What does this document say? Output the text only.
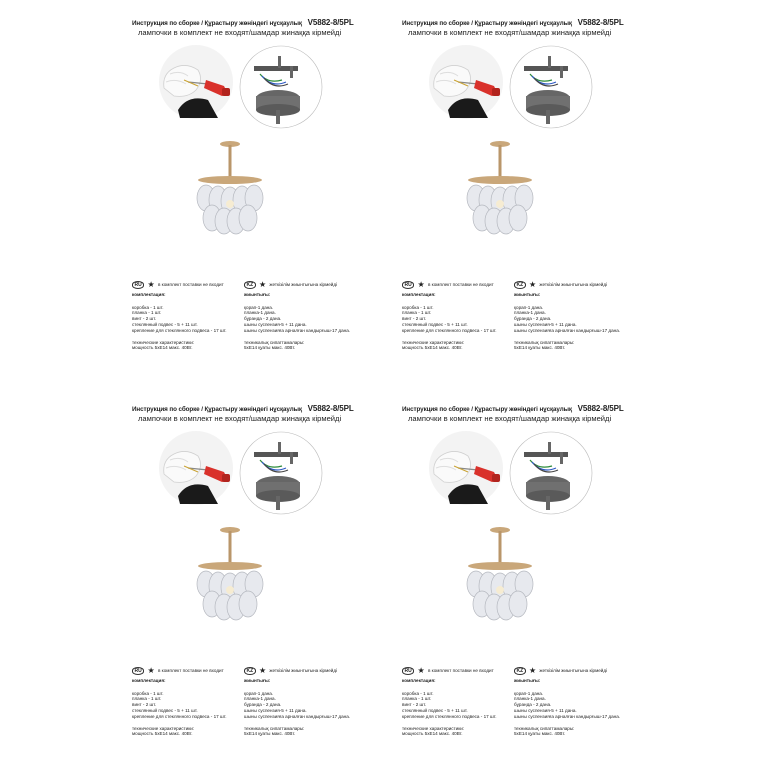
Инструкция по сборке / Құрастыру жөніндегі нұсқаулық V5882-8/5PL
лампочки в комплект не входят/шамдар жинаққа кірмейді
RU ★ в комплект поставки не входит
комплектация:
коробка - 1 шт.
планка - 1 шт.
винт - 2 шт.
стеклянный подвес - 5 + 11 шт.
крепление для стеклянного подвеса - 17 шт.
технические характеристики:
мощность 5xE14 макс. 40Вт.
KZ ★ жеткізілім жиынтығына кірмейді
жиынтығы:
қорап-1 дана.
планка-1 дана.
бұранда - 2 дана.
шыны суспензия-5 + 11 дана.
шыны суспензияға арналған кандырғыш-17 дана.
техникалық сипаттамалары:
5xE14 қуаты макс. 40Вт.
Инструкция по сборке / Құрастыру жөніндегі нұсқаулық V5882-8/5PL
лампочки в комплект не входят/шамдар жинаққа кірмейді
RU ★ в комплект поставки не входит
комплектация:
коробка - 1 шт.
планка - 1 шт.
винт - 2 шт.
стеклянный подвес - 5 + 11 шт.
крепление для стеклянного подвеса - 17 шт.
технические характеристики:
мощность 5xE14 макс. 40Вт.
KZ ★ жеткізілім жиынтығына кірмейді
жиынтығы:
қорап-1 дана.
планка-1 дана.
бұранда - 2 дана.
шыны суспензия-5 + 11 дана.
шыны суспензияға арналған кандырғыш-17 дана.
техникалық сипаттамалары:
5xE14 қуаты макс. 40Вт.
Инструкция по сборке / Құрастыру жөніндегі нұсқаулық V5882-8/5PL
лампочки в комплект не входят/шамдар жинаққа кірмейді
RU ★ в комплект поставки не входит
комплектация:
коробка - 1 шт.
планка - 1 шт.
винт - 2 шт.
стеклянный подвес - 5 + 11 шт.
крепление для стеклянного подвеса - 17 шт.
технические характеристики:
мощность 5xE14 макс. 40Вт.
KZ ★ жеткізілім жиынтығына кірмейді
жиынтығы:
қорап-1 дана.
планка-1 дана.
бұранда - 2 дана.
шыны суспензия-5 + 11 дана.
шыны суспензияға арналған кандырғыш-17 дана.
техникалық сипаттамалары:
5xE14 қуаты макс. 40Вт.
Инструкция по сборке / Құрастыру жөніндегі нұсқаулық V5882-8/5PL
лампочки в комплект не входят/шамдар жинаққа кірмейді
RU ★ в комплект поставки не входит
комплектация:
коробка - 1 шт.
планка - 1 шт.
винт - 2 шт.
стеклянный подвес - 5 + 11 шт.
крепление для стеклянного подвеса - 17 шт.
технические характеристики:
мощность 5xE14 макс. 40Вт.
KZ ★ жеткізілім жиынтығына кірмейді
жиынтығы:
қорап-1 дана.
планка-1 дана.
бұранда - 2 дана.
шыны суспензия-5 + 11 дана.
шыны суспензияға арналған кандырғыш-17 дана.
техникалық сипаттамалары:
5xE14 қуаты макс. 40Вт.
